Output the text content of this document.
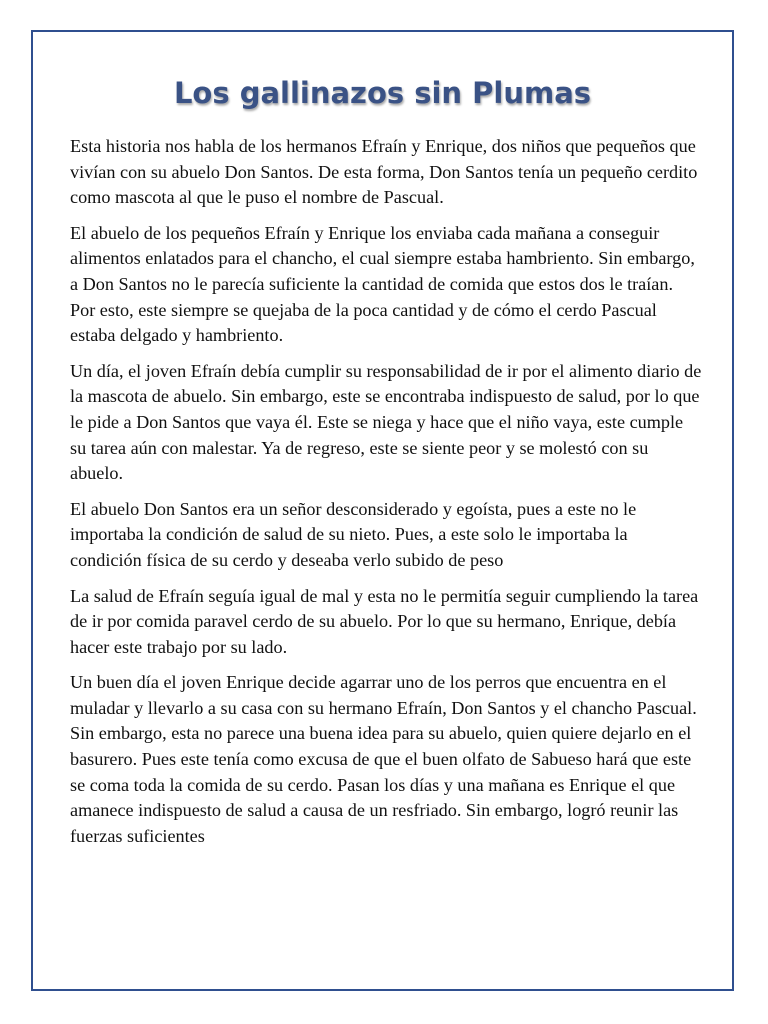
Los gallinazos sin Plumas

Esta historia nos habla de los hermanos Efraín y Enrique, dos niños que pequeños que vivían con su abuelo Don Santos. De esta forma, Don Santos tenía un pequeño cerdito como mascota al que le puso el nombre de Pascual.

El abuelo de los pequeños Efraín y Enrique los enviaba cada mañana a conseguir alimentos enlatados para el chancho, el cual siempre estaba hambriento. Sin embargo, a Don Santos no le parecía suficiente la cantidad de comida que estos dos le traían. Por esto, este siempre se quejaba de la poca cantidad y de cómo el cerdo Pascual estaba delgado y hambriento.

Un día, el joven Efraín debía cumplir su responsabilidad de ir por el alimento diario de la mascota de abuelo. Sin embargo, este se encontraba indispuesto de salud, por lo que le pide a Don Santos que vaya él. Este se niega y hace que el niño vaya, este cumple su tarea aún con malestar. Ya de regreso, este se siente peor y se molestó con su abuelo.

El abuelo Don Santos era un señor desconsiderado y egoísta, pues a este no le importaba la condición de salud de su nieto. Pues, a este solo le importaba la condición física de su cerdo y deseaba verlo subido de peso

La salud de Efraín seguía igual de mal y esta no le permitía seguir cumpliendo la tarea de ir por comida paravel cerdo de su abuelo. Por lo que su hermano, Enrique, debía hacer este trabajo por su lado.

Un buen día el joven Enrique decide agarrar uno de los perros que encuentra en el muladar y llevarlo a su casa con su hermano Efraín, Don Santos y el chancho Pascual. Sin embargo, esta no parece una buena idea para su abuelo, quien quiere dejarlo en el basurero. Pues este tenía como excusa de que el buen olfato de Sabueso hará que este se coma toda la comida de su cerdo. Pasan los días y una mañana es Enrique el que amanece indispuesto de salud a causa de un resfriado. Sin embargo, logró reunir las fuerzas suficientes
